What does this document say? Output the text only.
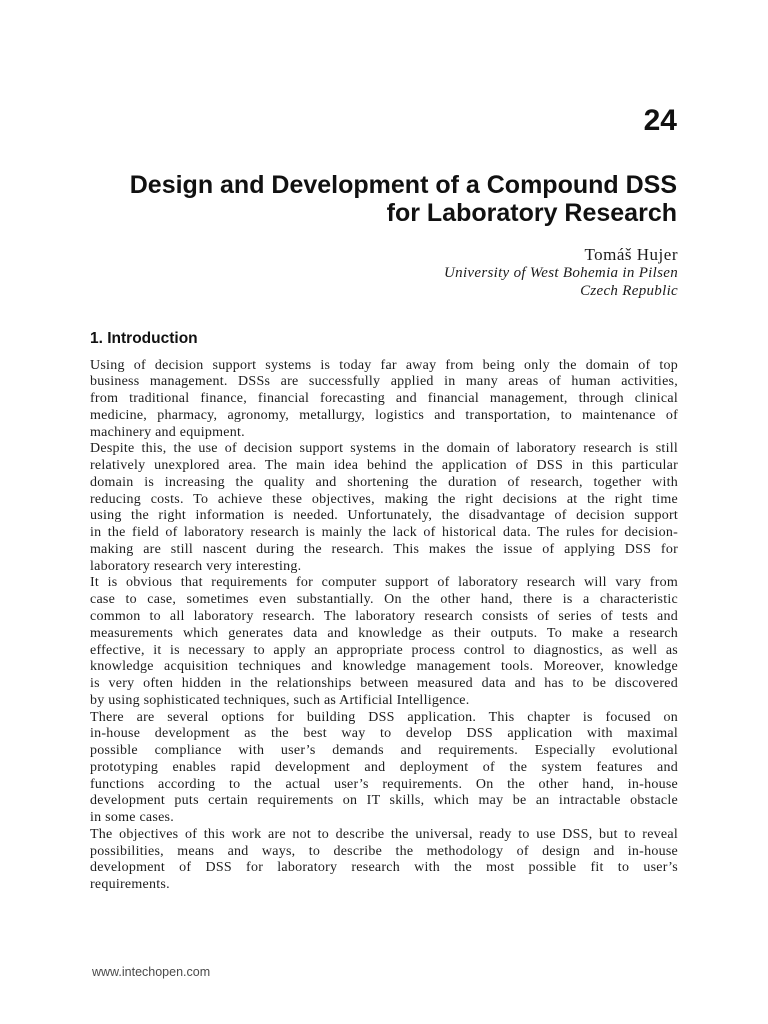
24
Design and Development of a Compound DSS
for Laboratory Research
Tomáš Hujer
University of West Bohemia in Pilsen
Czech Republic
1. Introduction
Using of decision support systems is today far away from being only the domain of top
business management. DSSs are successfully applied in many areas of human activities,
from traditional finance, financial forecasting and financial management, through clinical
medicine, pharmacy, agronomy, metallurgy, logistics and transportation, to maintenance of
machinery and equipment.
Despite this, the use of decision support systems in the domain of laboratory research is still
relatively unexplored area. The main idea behind the application of DSS in this particular
domain is increasing the quality and shortening the duration of research, together with
reducing costs. To achieve these objectives, making the right decisions at the right time
using the right information is needed. Unfortunately, the disadvantage of decision support
in the field of laboratory research is mainly the lack of historical data. The rules for decision-
making are still nascent during the research. This makes the issue of applying DSS for
laboratory research very interesting.
It is obvious that requirements for computer support of laboratory research will vary from
case to case, sometimes even substantially. On the other hand, there is a characteristic
common to all laboratory research. The laboratory research consists of series of tests and
measurements which generates data and knowledge as their outputs. To make a research
effective, it is necessary to apply an appropriate process control to diagnostics, as well as
knowledge acquisition techniques and knowledge management tools. Moreover, knowledge
is very often hidden in the relationships between measured data and has to be discovered
by using sophisticated techniques, such as Artificial Intelligence.
There are several options for building DSS application. This chapter is focused on
in-house development as the best way to develop DSS application with maximal
possible compliance with user’s demands and requirements. Especially evolutional
prototyping enables rapid development and deployment of the system features and
functions according to the actual user’s requirements. On the other hand, in-house
development puts certain requirements on IT skills, which may be an intractable obstacle
in some cases.
The objectives of this work are not to describe the universal, ready to use DSS, but to reveal
possibilities, means and ways, to describe the methodology of design and in-house
development of DSS for laboratory research with the most possible fit to user’s
requirements.
www.intechopen.com
